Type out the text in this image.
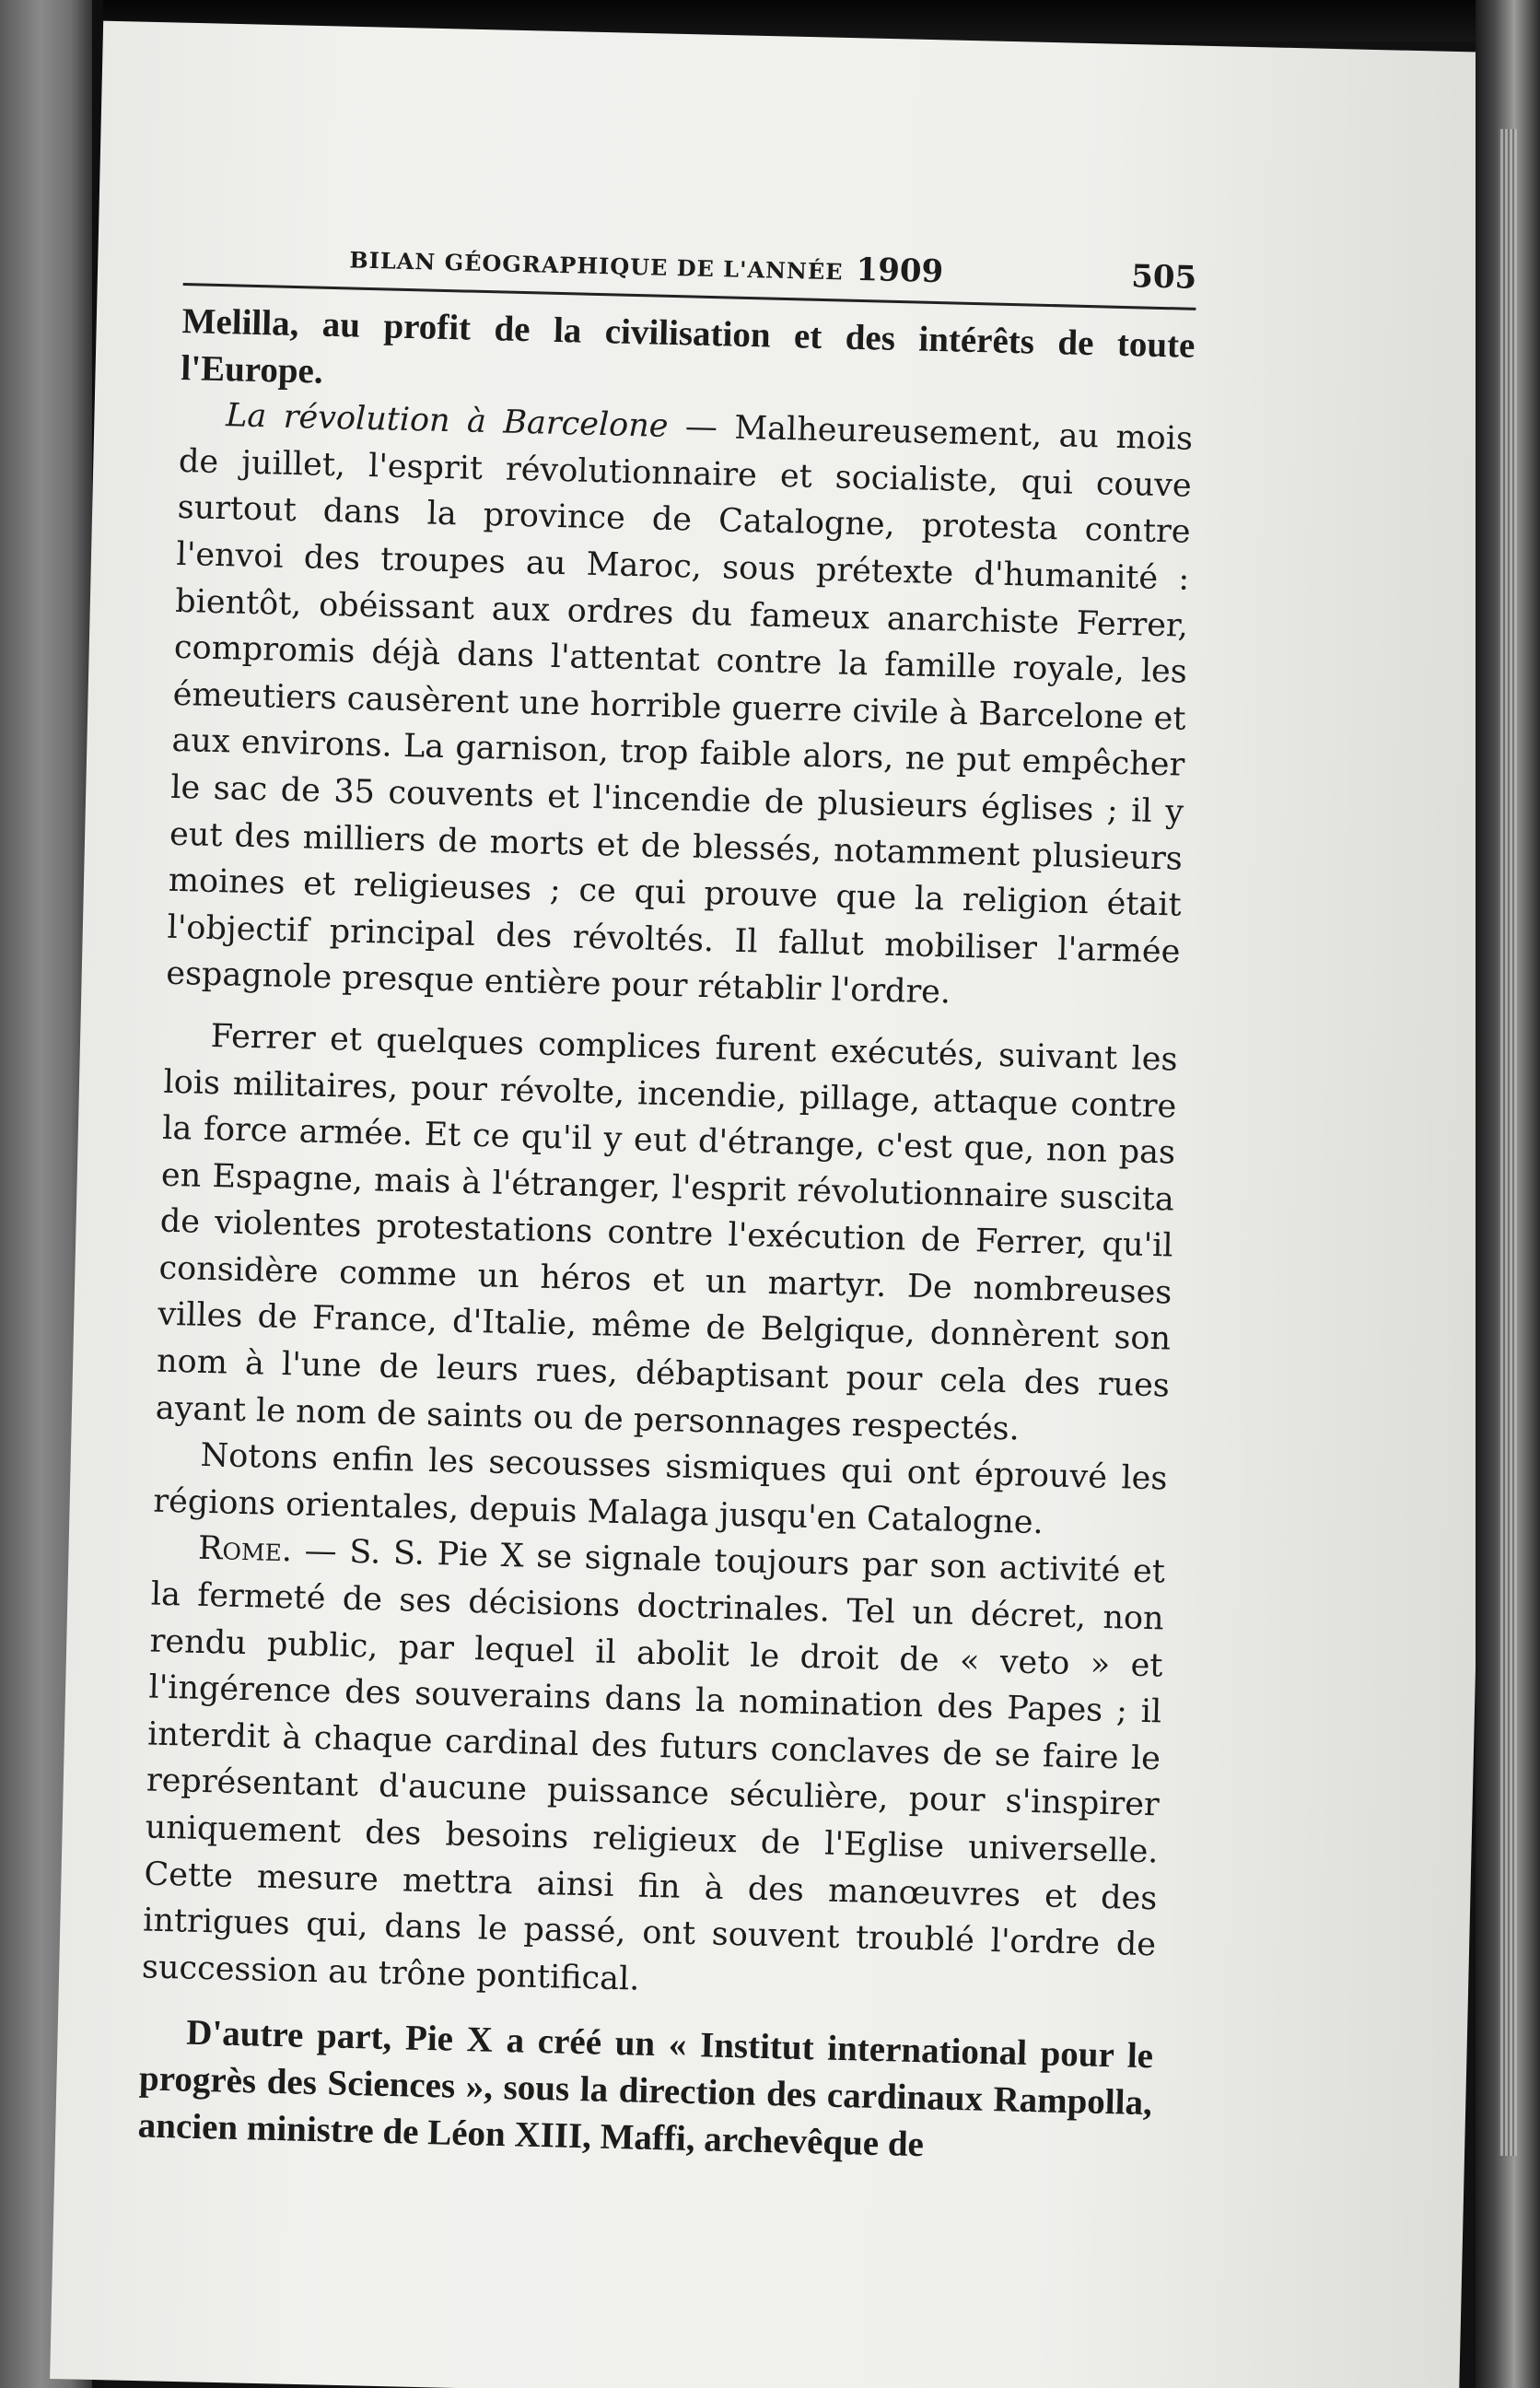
BILAN GÉOGRAPHIQUE DE L'ANNÉE 1909	505

Melilla, au profit de la civilisation et des intérêts de toute l'Europe.

La révolution à Barcelone — Malheureusement, au mois de juillet, l'esprit révolutionnaire et socialiste, qui couve surtout dans la province de Catalogne, protesta contre l'envoi des troupes au Maroc, sous prétexte d'humanité : bientôt, obéissant aux ordres du fameux anarchiste Ferrer, compromis déjà dans l'attentat contre la famille royale, les émeutiers causèrent une horrible guerre civile à Barcelone et aux environs. La garnison, trop faible alors, ne put empêcher le sac de 35 couvents et l'incendie de plusieurs églises ; il y eut des milliers de morts et de blessés, notamment plusieurs moines et religieuses ; ce qui prouve que la religion était l'objectif principal des révoltés. Il fallut mobiliser l'armée espagnole presque entière pour rétablir l'ordre.

Ferrer et quelques complices furent exécutés, suivant les lois militaires, pour révolte, incendie, pillage, attaque contre la force armée. Et ce qu'il y eut d'étrange, c'est que, non pas en Espagne, mais à l'étranger, l'esprit révolutionnaire suscita de violentes protestations contre l'exécution de Ferrer, qu'il considère comme un héros et un martyr. De nombreuses villes de France, d'Italie, même de Belgique, donnèrent son nom à l'une de leurs rues, débaptisant pour cela des rues ayant le nom de saints ou de personnages respectés.

Notons enfin les secousses sismiques qui ont éprouvé les régions orientales, depuis Malaga jusqu'en Catalogne.

Rome. — S. S. Pie X se signale toujours par son activité et la fermeté de ses décisions doctrinales. Tel un décret, non rendu public, par lequel il abolit le droit de « veto » et l'ingérence des souverains dans la nomination des Papes ; il interdit à chaque cardinal des futurs conclaves de se faire le représentant d'aucune puissance séculière, pour s'inspirer uniquement des besoins religieux de l'Eglise universelle. Cette mesure mettra ainsi fin à des manœuvres et des intrigues qui, dans le passé, ont souvent troublé l'ordre de succession au trône pontifical.

D'autre part, Pie X a créé un « Institut international pour le progrès des Sciences », sous la direction des cardinaux Rampolla, ancien ministre de Léon XIII, Maffi, archevêque de
